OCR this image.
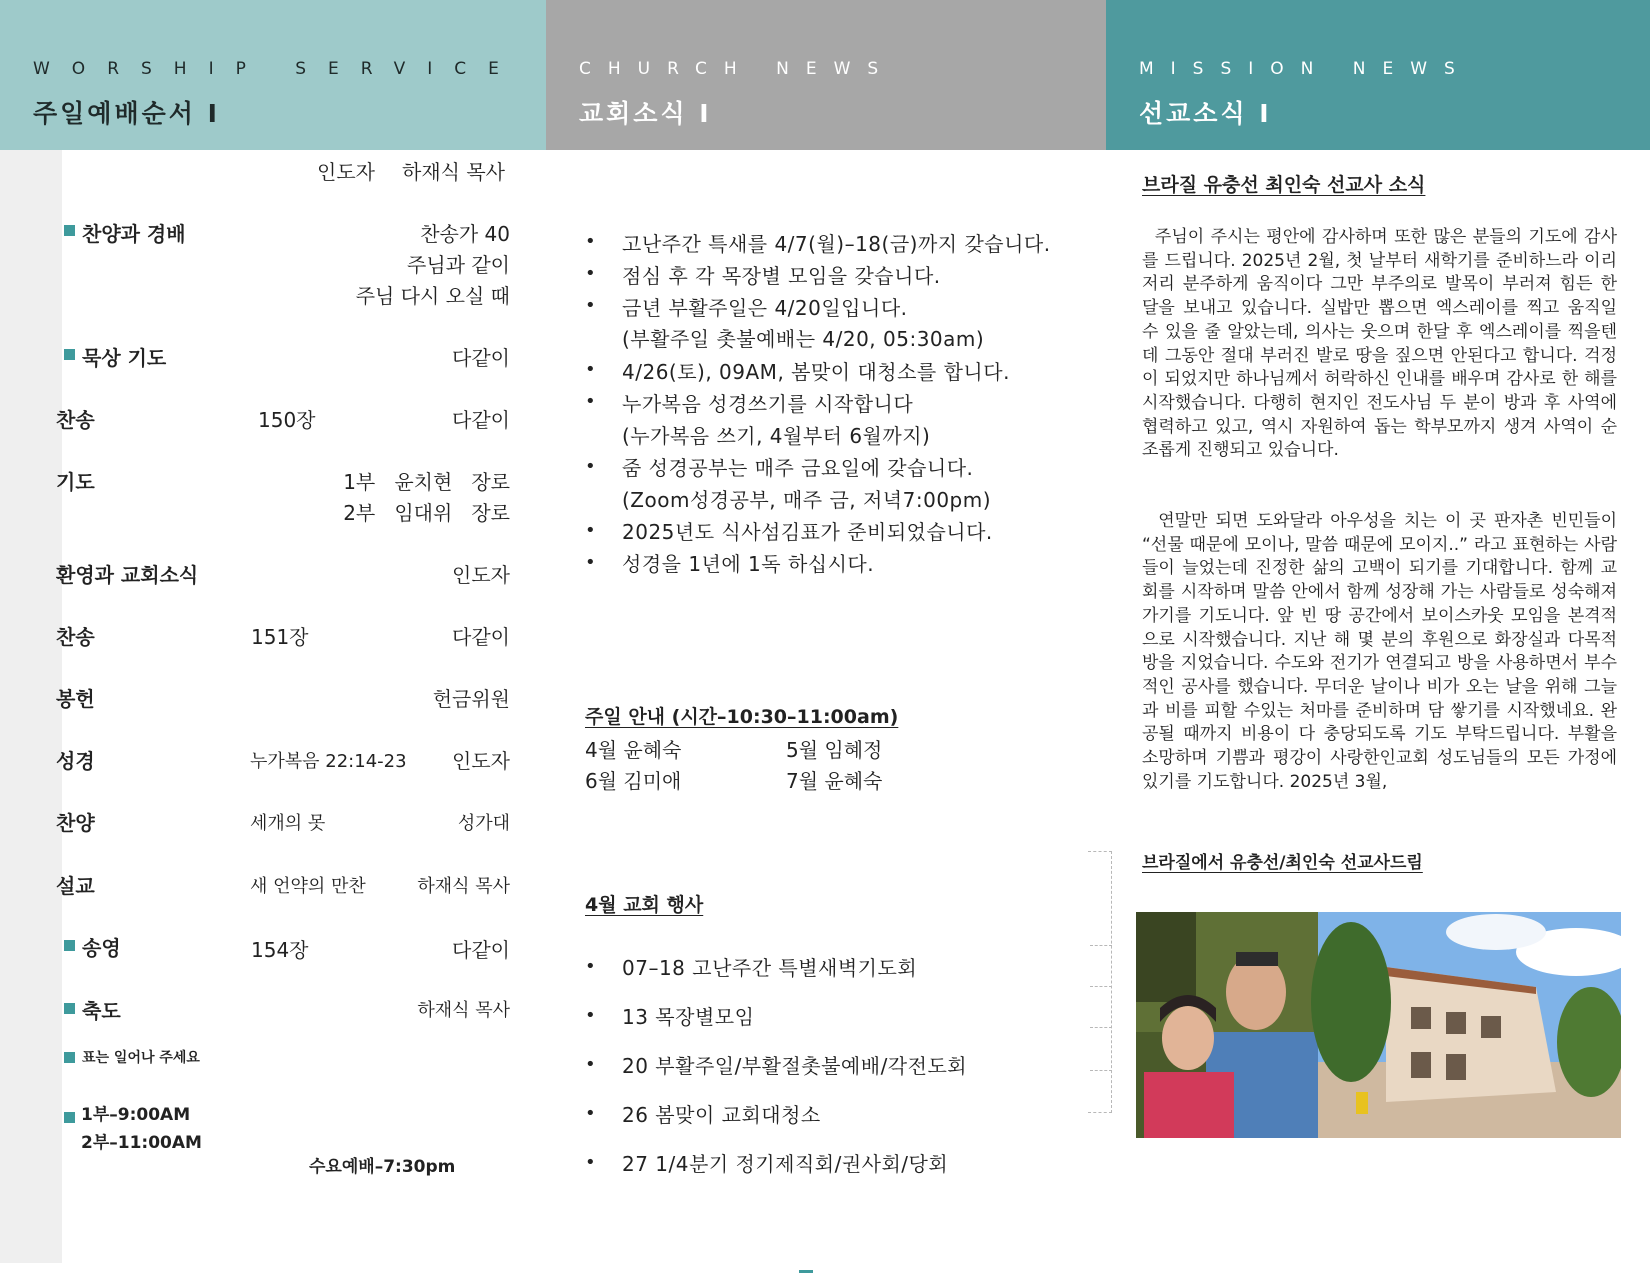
WORSHIP SERVICE
주일예배순서 I
CHURCH NEWS
교회소식 I
MISSION NEWS
선교소식 I
인도자 하재식 목사
찬양과 경배	찬송가 40
주님과 같이
주님 다시 오실 때
묵상 기도	다같이
찬송	150장	다같이
기도	1부   윤치현   장로
2부   임대위   장로
환영과 교회소식	인도자
찬송	151장	다같이
봉헌	헌금위원
성경	누가복음 22:14-23 인도자
찬양	세개의 못	성가대
설교	새 언약의 만찬	하재식 목사
송영	154장	다같이
축도	하재식 목사
표는 일어나 주세요
1부–9:00AM
2부–11:00AM
수요예배–7:30pm
• 고난주간 특새를 4/7(월)–18(금)까지 갖습니다.
• 점심 후 각 목장별 모임을 갖습니다.
• 금년 부활주일은 4/20일입니다.
(부활주일 촛불예배는 4/20, 05:30am)
• 4/26(토), 09AM, 봄맞이 대청소를 합니다.
• 누가복음 성경쓰기를 시작합니다
(누가복음 쓰기, 4월부터 6월까지)
• 줌 성경공부는 매주 금요일에 갖습니다.
(Zoom성경공부, 매주 금, 저녁7:00pm)
• 2025년도 식사섬김표가 준비되었습니다.
• 성경을 1년에 1독 하십시다.
주일 안내 (시간–10:30–11:00am)
4월 윤혜숙	5월 임혜정
6월 김미애	7월 윤혜숙
4월 교회 행사
• 07–18 고난주간 특별새벽기도회
• 13 목장별모임
• 20 부활주일/부활절촛불예배/각전도회
• 26 봄맞이 교회대청소
• 27 1/4분기 정기제직회/권사회/당회
브라질 유충선 최인숙 선교사 소식

주님이 주시는 평안에 감사하며 또한 많은 분들의 기도에 감사를 드립니다. 2025년 2월, 첫 날부터 새학기를 준비하느라 이리저리 분주하게 움직이다 그만 부주의로 발목이 부러져 힘든 한 달을 보내고 있습니다. 실밥만 뽑으면 엑스레이를 찍고 움직일 수 있을 줄 알았는데, 의사는 웃으며 한달 후 엑스레이를 찍을텐데 그동안 절대 부러진 발로 땅을 짚으면 안된다고 합니다. 걱정이 되었지만 하나님께서 허락하신 인내를 배우며 감사로 한 해를 시작했습니다. 다행히 현지인 전도사님 두 분이 방과 후 사역에 협력하고 있고, 역시 자원하여 돕는 학부모까지 생겨 사역이 순조롭게 진행되고 있습니다.

연말만 되면 도와달라 아우성을 치는 이 곳 판자촌 빈민들이 “선물 때문에 모이나, 말씀 때문에 모이지..” 라고 표현하는 사람들이 늘었는데 진정한 삶의 고백이 되기를 기대합니다. 함께 교회를 시작하며 말씀 안에서 함께 성장해 가는 사람들로 성숙해져 가기를 기도니다. 앞 빈 땅 공간에서 보이스카웃 모임을 본격적으로 시작했습니다. 지난 해 몇 분의 후원으로 화장실과 다목적 방을 지었습니다. 수도와 전기가 연결되고 방을 사용하면서 부수적인 공사를 했습니다. 무더운 날이나 비가 오는 날을 위해 그늘과 비를 피할 수있는 처마를 준비하며 담 쌓기를 시작했네요. 완공될 때까지 비용이 다 충당되도록 기도 부탁드립니다. 부활을 소망하며 기쁨과 평강이 사랑한인교회 성도님들의 모든 가정에 있기를 기도합니다. 2025년 3월,

브라질에서 유충선/최인숙 선교사드림
